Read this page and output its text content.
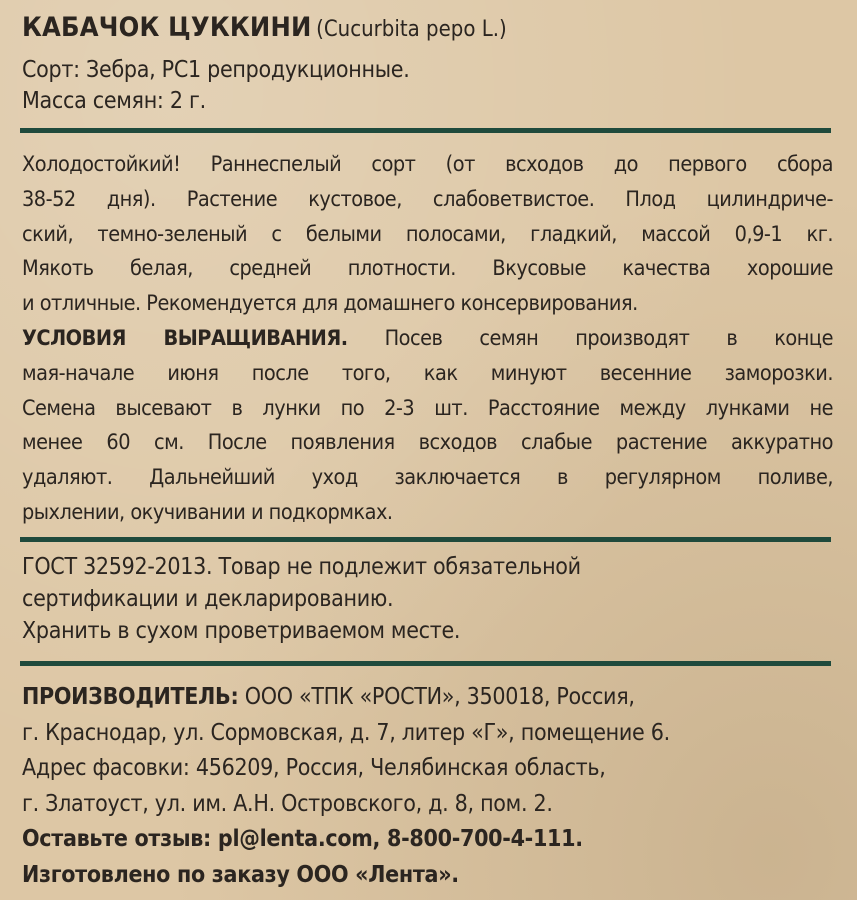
КАБАЧОК ЦУККИНИ (Cucurbita pepo L.)
Сорт: Зебра, РС1 репродукционные.
Масса семян: 2 г.
Холодостойкий! Раннеспелый сорт (от всходов до первого сбора
38-52 дня). Растение кустовое, слабоветвистое. Плод цилиндриче-
ский, темно-зеленый с белыми полосами, гладкий, массой 0,9-1 кг.
Мякоть белая, средней плотности. Вкусовые качества хорошие
и отличные. Рекомендуется для домашнего консервирования.
УСЛОВИЯ ВЫРАЩИВАНИЯ. Посев семян производят в конце
мая-начале июня после того, как минуют весенние заморозки.
Семена высевают в лунки по 2-3 шт. Расстояние между лунками не
менее 60 см. После появления всходов слабые растение аккуратно
удаляют. Дальнейший уход заключается в регулярном поливе,
рыхлении, окучивании и подкормках.
ГОСТ 32592-2013. Товар не подлежит обязательной
сертификации и декларированию.
Хранить в сухом проветриваемом месте.
ПРОИЗВОДИТЕЛЬ: ООО «ТПК «РОСТИ», 350018, Россия,
г. Краснодар, ул. Сормовская, д. 7, литер «Г», помещение 6.
Адрес фасовки: 456209, Россия, Челябинская область,
г. Златоуст, ул. им. А.Н. Островского, д. 8, пом. 2.
Оставьте отзыв: pl@lenta.com, 8-800-700-4-111.
Изготовлено по заказу ООО «Лента».
